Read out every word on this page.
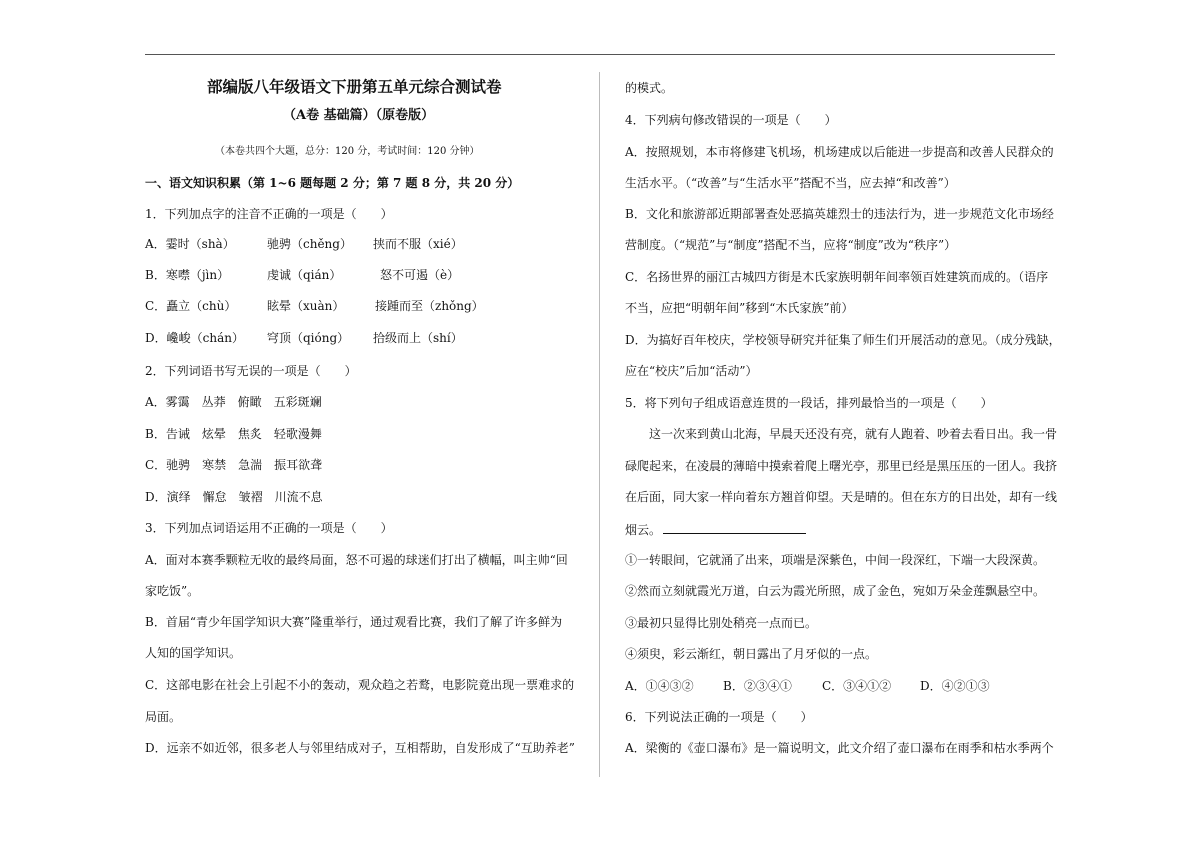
部编版八年级语文下册第五单元综合测试卷
（A卷 基础篇）（原卷版）
（本卷共四个大题，总分：120 分，考试时间：120 分钟）
一、语文知识积累（第 1~6 题每题 2 分；第 7 题 8 分，共 20 分）
1．下列加点字的注音不正确的一项是（　　）
A．霎时（shà）	驰骋（chěng） 挟而不服（xié）
B．寒噤（jìn）	虔诚（qián）	怒不可遏（è）
C．矗立（chù）	眩晕（xuàn）	接踵而至（zhǒng）
D．巉峻（chán） 穹顶（qióng） 拾级而上（shí）
2．下列词语书写无误的一项是（　　）
A．雾霭　丛莽　俯瞰　五彩斑斓
B．告诫　炫晕　焦炙　轻歌漫舞
C．驰骋　寒禁　急湍　振耳欲聋
D．演绎　懈怠　皱褶　川流不息
3．下列加点词语运用不正确的一项是（　　）
A．面对本赛季颗粒无收的最终局面，怒不可遏的球迷们打出了横幅，叫主帅“回
家吃饭”。
B．首届“青少年国学知识大赛”隆重举行，通过观看比赛，我们了解了许多鲜为
人知的国学知识。
C．这部电影在社会上引起不小的轰动，观众趋之若鹜，电影院竟出现一票难求的
局面。
D．远亲不如近邻，很多老人与邻里结成对子，互相帮助，自发形成了“互助养老”
的模式。
4．下列病句修改错误的一项是（　　）
A．按照规划，本市将修建飞机场，机场建成以后能进一步提高和改善人民群众的
生活水平。（“改善”与“生活水平”搭配不当，应去掉“和改善”）
B．文化和旅游部近期部署查处恶搞英雄烈士的违法行为，进一步规范文化市场经
营制度。（“规范”与“制度”搭配不当，应将“制度”改为“秩序”）
C．名扬世界的丽江古城四方街是木氏家族明朝年间率领百姓建筑而成的。（语序
不当，应把“明朝年间”移到“木氏家族”前）
D．为搞好百年校庆，学校领导研究并征集了师生们开展活动的意见。（成分残缺，
应在“校庆”后加“活动”）
5．将下列句子组成语意连贯的一段话，排列最恰当的一项是（　　）
　　这一次来到黄山北海，早晨天还没有亮，就有人跑着、吵着去看日出。我一骨
碌爬起来，在凌晨的薄暗中摸索着爬上曙光亭，那里已经是黑压压的一团人。我挤
在后面，同大家一样向着东方翘首仰望。天是晴的。但在东方的日出处，却有一线
烟云。
①一转眼间，它就涌了出来，项端是深紫色，中间一段深红，下端一大段深黄。
②然而立刻就霞光万道，白云为霞光所照，成了金色，宛如万朵金莲飘悬空中。
③最初只显得比别处稍亮一点而已。
④须臾，彩云渐红，朝日露出了月牙似的一点。
A．①④③② B．②③④①	C．③④①② D．④②①③
6．下列说法正确的一项是（　　）
A．梁衡的《壶口瀑布》是一篇说明文，此文介绍了壶口瀑布在雨季和枯水季两个
